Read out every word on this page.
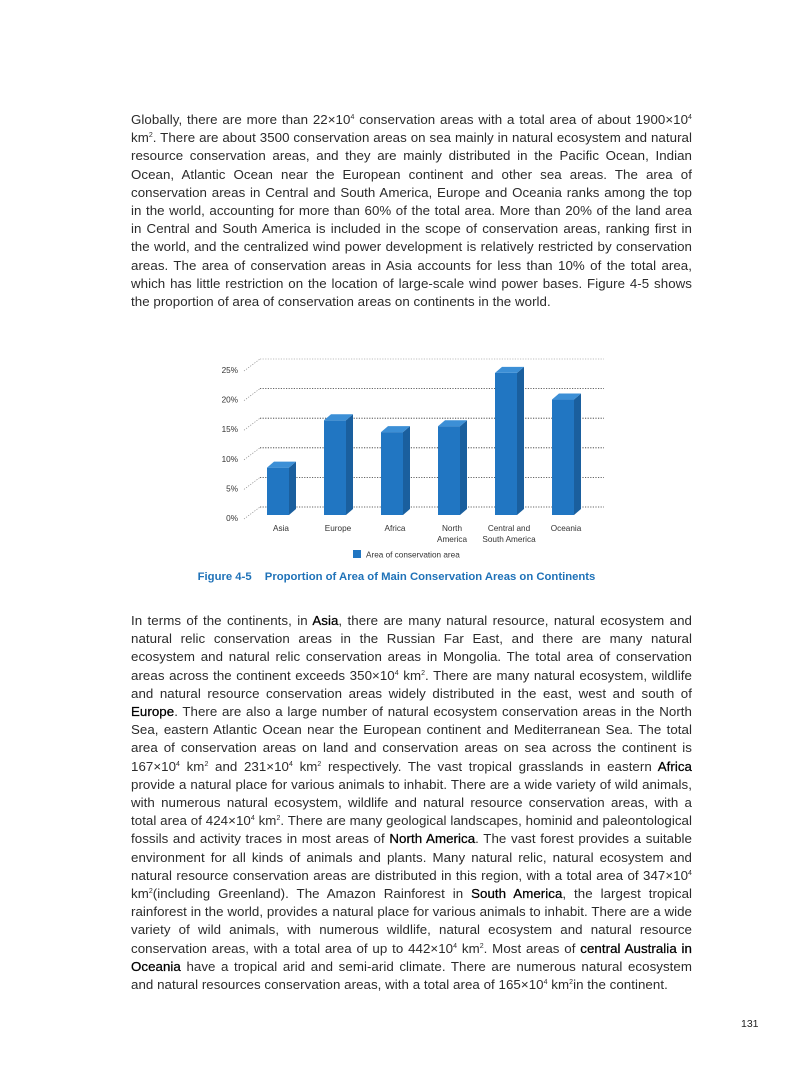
Globally, there are more than $22\times 10^4$ conservation areas with a total area of about $1900\times 10^4$ $km^2$. There are about 3500 conservation areas on sea mainly in natural ecosystem and natural resource conservation areas, and they are mainly distributed in the Pacific Ocean, Indian Ocean, Atlantic Ocean near the European continent and other sea areas. The area of conservation areas in Central and South America, Europe and Oceania ranks among the top in the world, accounting for more than 60% of the total area. More than 20% of the land area in Central and South America is included in the scope of conservation areas, ranking first in the world, and the centralized wind power development is relatively restricted by conservation areas. The area of conservation areas in Asia accounts for less than 10% of the total area, which has little restriction on the location of large-scale wind power bases. Figure 4-5 shows the proportion of area of conservation areas on continents in the world.
0%
5%
10%
15%
20%
25%
Asia	Europe	Africa	North
America
Central and
South America
Oceania
Area of conservation area
Figure 4-5 Proportion of Area of Main Conservation Areas on Continents
In terms of the continents, in Asia, there are many natural resource, natural ecosystem and natural relic conservation areas in the Russian Far East, and there are many natural ecosystem and natural relic conservation areas in Mongolia. The total area of conservation areas across the continent exceeds $350\times 10^4$ $km^2$. There are many natural ecosystem, wildlife and natural resource conservation areas widely distributed in the east, west and south of Europe. There are also a large number of natural ecosystem conservation areas in the North Sea, eastern Atlantic Ocean near the European continent and Mediterranean Sea. The total area of conservation areas on land and conservation areas on sea across the continent is $167\times 10^4$ $km^2$ and $231\times 10^4$ $km^2$ respectively. The vast tropical grasslands in eastern Africa provide a natural place for various animals to inhabit. There are a wide variety of wild animals, with numerous natural ecosystem, wildlife and natural resource conservation areas, with a total area of $424\times 10^4$ $km^2$. There are many geological landscapes, hominid and paleontological fossils and activity traces in most areas of North America. The vast forest provides a suitable environment for all kinds of animals and plants. Many natural relic, natural ecosystem and natural resource conservation areas are distributed in this region, with a total area of $347\times 10^4$ $km^2(including$ Greenland). The Amazon Rainforest in South America, the largest tropical rainforest in the world, provides a natural place for various animals to inhabit. There are a wide variety of wild animals, with numerous wildlife, natural ecosystem and natural resource conservation areas, with a total area of up to $442\times 10^4$ $km^2$. Most areas of central Australia in Oceania have a tropical arid and semi-arid climate. There are numerous natural ecosystem and natural resources conservation areas, with a total area of $165\times 10^4$ $km^2in$ the continent.
131
